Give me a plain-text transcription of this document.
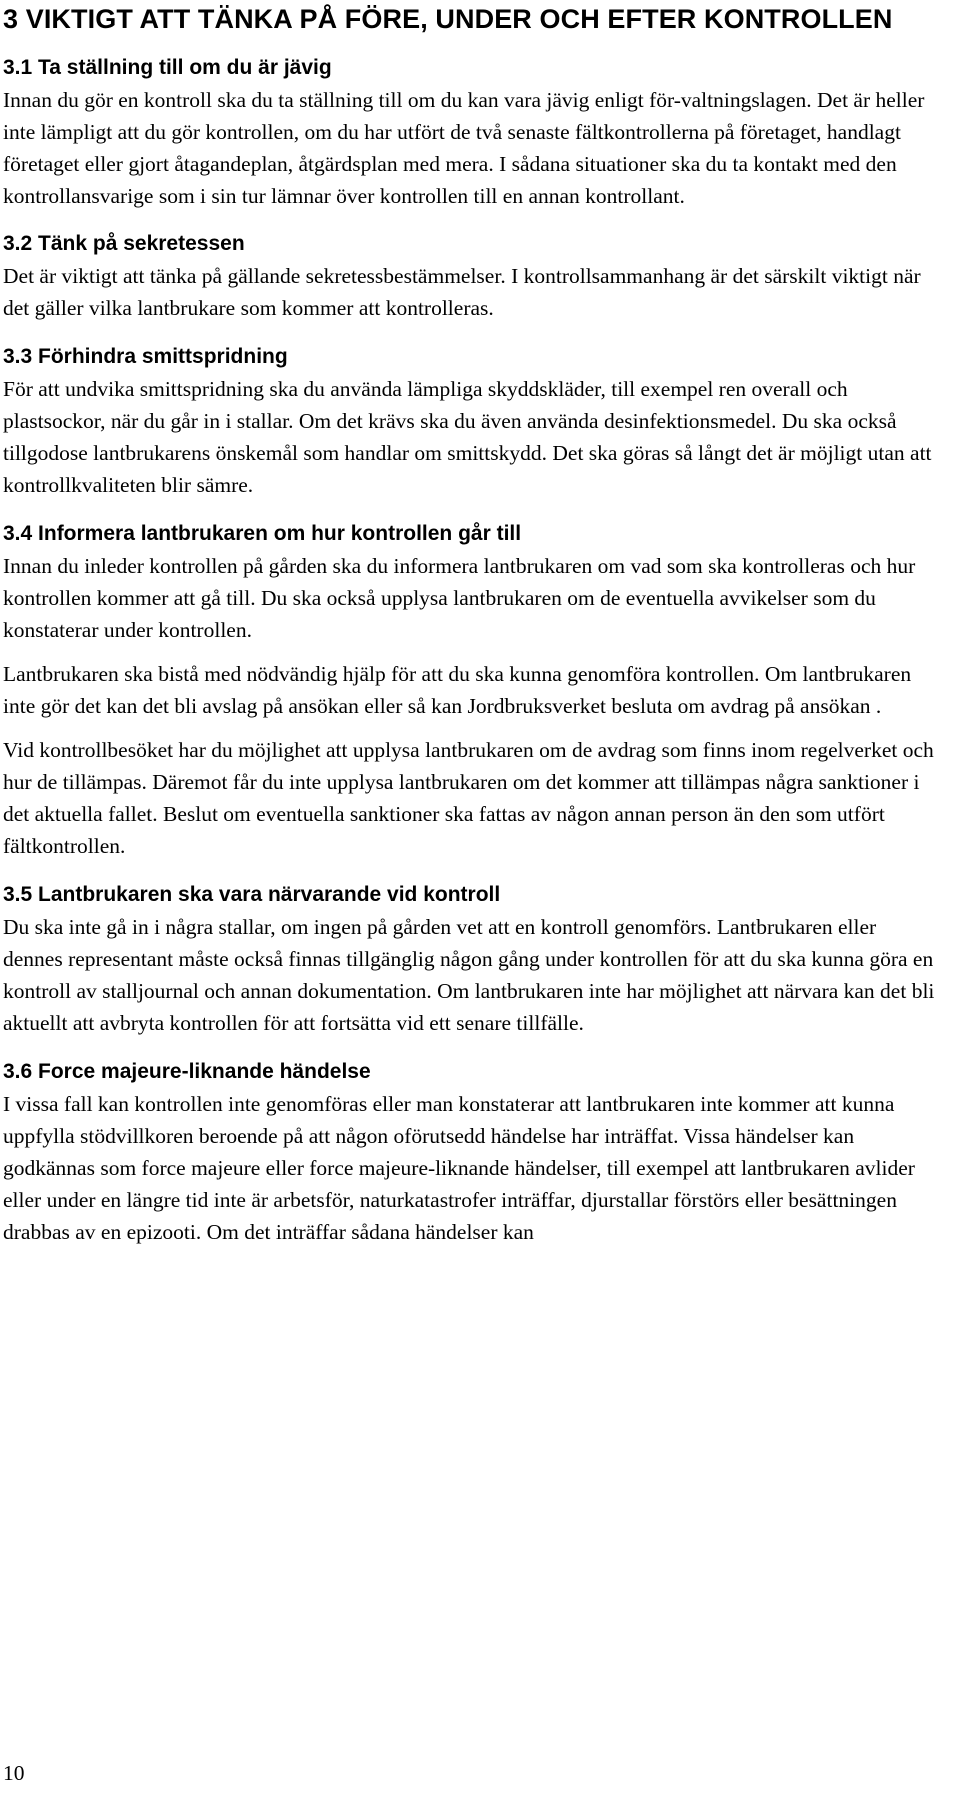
3 VIKTIGT ATT TÄNKA PÅ FÖRE, UNDER OCH EFTER KONTROLLEN
3.1 Ta ställning till om du är jävig

Innan du gör en kontroll ska du ta ställning till om du kan vara jävig enligt för-valtningslagen. Det är heller inte lämpligt att du gör kontrollen, om du har utfört de två senaste fältkontrollerna på företaget, handlagt företaget eller gjort åtagandeplan, åtgärdsplan med mera. I sådana situationer ska du ta kontakt med den kontrollansvarige som i sin tur lämnar över kontrollen till en annan kontrollant.

3.2 Tänk på sekretessen

Det är viktigt att tänka på gällande sekretessbestämmelser. I kontrollsammanhang är det särskilt viktigt när det gäller vilka lantbrukare som kommer att kontrolleras.

3.3 Förhindra smittspridning

För att undvika smittspridning ska du använda lämpliga skyddskläder, till exempel ren overall och plastsockor, när du går in i stallar. Om det krävs ska du även använda desinfektionsmedel. Du ska också tillgodose lantbrukarens önskemål som handlar om smittskydd. Det ska göras så långt det är möjligt utan att kontrollkvaliteten blir sämre.

3.4 Informera lantbrukaren om hur kontrollen går till

Innan du inleder kontrollen på gården ska du informera lantbrukaren om vad som ska kontrolleras och hur kontrollen kommer att gå till. Du ska också upplysa lantbrukaren om de eventuella avvikelser som du konstaterar under kontrollen.

Lantbrukaren ska bistå med nödvändig hjälp för att du ska kunna genomföra kontrollen. Om lantbrukaren inte gör det kan det bli avslag på ansökan eller så kan Jordbruksverket besluta om avdrag på ansökan .

Vid kontrollbesöket har du möjlighet att upplysa lantbrukaren om de avdrag som finns inom regelverket och hur de tillämpas. Däremot får du inte upplysa lantbrukaren om det kommer att tillämpas några sanktioner i det aktuella fallet. Beslut om eventuella sanktioner ska fattas av någon annan person än den som utfört fältkontrollen.

3.5 Lantbrukaren ska vara närvarande vid kontroll

Du ska inte gå in i några stallar, om ingen på gården vet att en kontroll genomförs. Lantbrukaren eller dennes representant måste också finnas tillgänglig någon gång under kontrollen för att du ska kunna göra en kontroll av stalljournal och annan dokumentation. Om lantbrukaren inte har möjlighet att närvara kan det bli aktuellt att avbryta kontrollen för att fortsätta vid ett senare tillfälle.

3.6 Force majeure-liknande händelse

I vissa fall kan kontrollen inte genomföras eller man konstaterar att lantbrukaren inte kommer att kunna uppfylla stödvillkoren beroende på att någon oförutsedd händelse har inträffat. Vissa händelser kan godkännas som force majeure eller force majeure-liknande händelser, till exempel att lantbrukaren avlider eller under en längre tid inte är arbetsför, naturkatastrofer inträffar, djurstallar förstörs eller besättningen drabbas av en epizooti. Om det inträffar sådana händelser kan

10
